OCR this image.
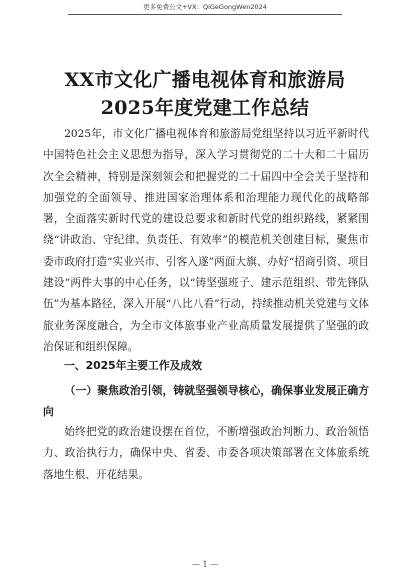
更多免费公文+VX：QiGeGongWen2024
XX市文化广播电视体育和旅游局2025年度党建工作总结
2025年，市文化广播电视体育和旅游局党组坚持以习近平新时代中国特色社会主义思想为指导，深入学习贯彻党的二十大和二十届历次全会精神，特别是深刻领会和把握党的二十届四中全会关于坚持和加强党的全面领导、推进国家治理体系和治理能力现代化的战略部署，全面落实新时代党的建设总要求和新时代党的组织路线，紧紧围绕“讲政治、守纪律、负责任、有效率”的模范机关创建目标，聚焦市委市政府打造“实业兴市、引客入遂”两面大旗、办好“招商引资、项目建设”两件大事的中心任务，以“铸坚强班子、建示范组织、带先锋队伍”为基本路径，深入开展“八比八看”行动，持续推动机关党建与文体旅业务深度融合，为全市文体旅事业产业高质量发展提供了坚强的政治保证和组织保障。
一、2025年主要工作及成效
（一）聚焦政治引领，铸就坚强领导核心，确保事业发展正确方向
始终把党的政治建设摆在首位，不断增强政治判断力、政治领悟力、政治执行力，确保中央、省委、市委各项决策部署在文体旅系统落地生根、开花结果。
— 1 —
